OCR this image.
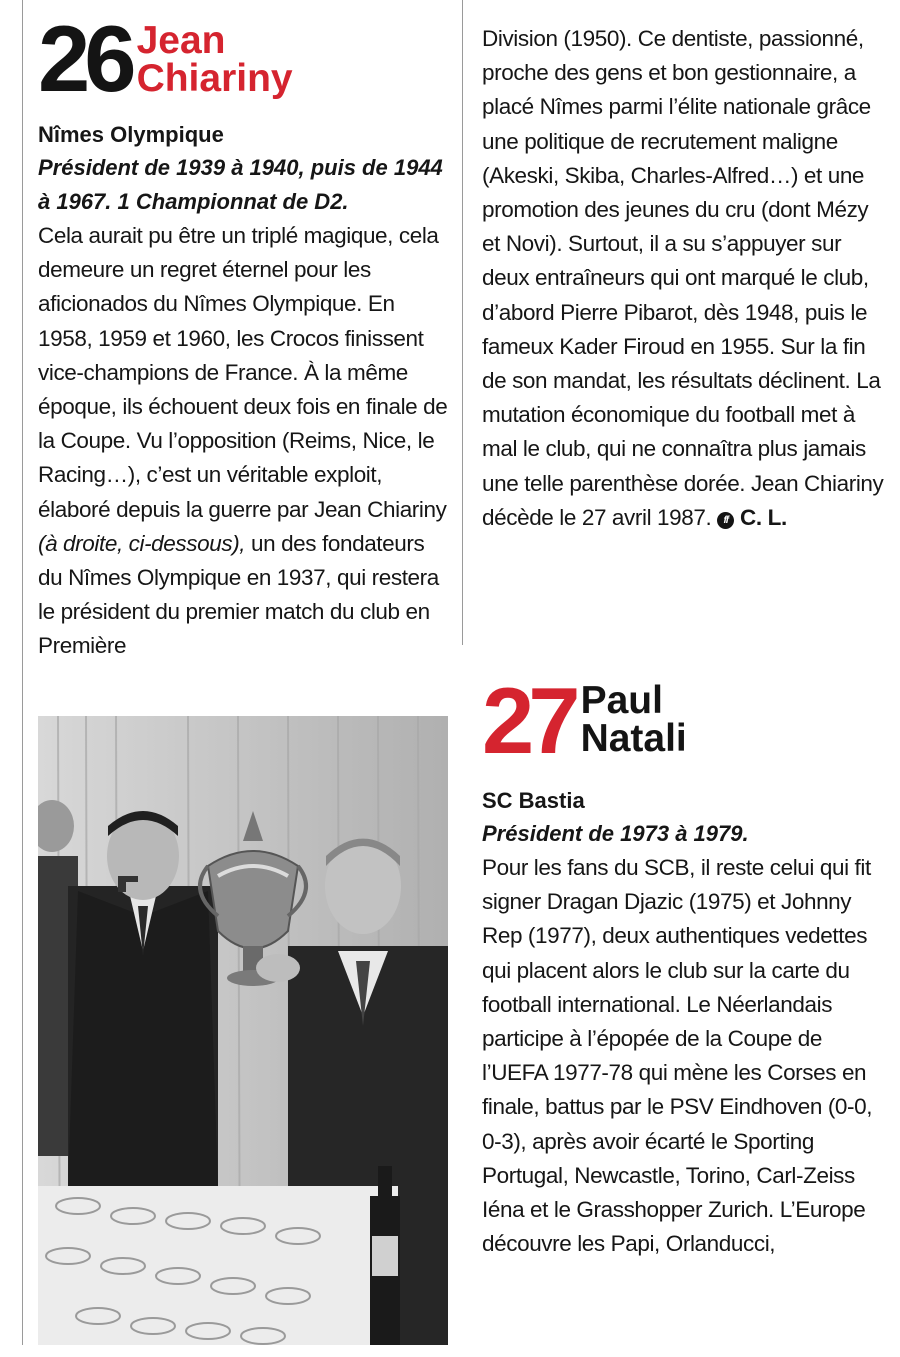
26 Jean
Chiariny

Nîmes Olympique

Président de 1939 à 1940, puis de 1944 à 1967. 1 Championnat de D2.

Cela aurait pu être un triplé magique, cela demeure un regret éternel pour les aficionados du Nîmes Olympique. En 1958, 1959 et 1960, les Crocos finissent vice-champions de France. À la même époque, ils échouent deux fois en finale de la Coupe. Vu l’opposition (Reims, Nice, le Racing…), c’est un véritable exploit, élaboré depuis la guerre par Jean Chiariny (à droite, ci-dessous), un des fondateurs du Nîmes Olympique en 1937, qui restera le président du premier match du club en Première

Division (1950). Ce dentiste, passionné, proche des gens et bon gestionnaire, a placé Nîmes parmi l’élite nationale grâce une politique de recrutement maligne (Akeski, Skiba, Charles-Alfred…) et une promotion des jeunes du cru (dont Mézy et Novi). Surtout, il a su s’appuyer sur deux entraîneurs qui ont marqué le club, d’abord Pierre Pibarot, dès 1948, puis le fameux Kader Firoud en 1955. Sur la fin de son mandat, les résultats déclinent. La mutation économique du football met à mal le club, qui ne connaîtra plus jamais une telle parenthèse dorée. Jean Chiariny décède le 27 avril 1987. ff C. L.

27 Paul
Natali

SC Bastia

Président de 1973 à 1979.

Pour les fans du SCB, il reste celui qui fit signer Dragan Djazic (1975) et Johnny Rep (1977), deux authentiques vedettes qui placent alors le club sur la carte du football international. Le Néerlandais participe à l’épopée de la Coupe de l’UEFA 1977-78 qui mène les Corses en finale, battus par le PSV Eindhoven (0-0, 0-3), après avoir écarté le Sporting Portugal, Newcastle, Torino, Carl-Zeiss Iéna et le Grasshopper Zurich. L’Europe découvre les Papi, Orlanducci,
